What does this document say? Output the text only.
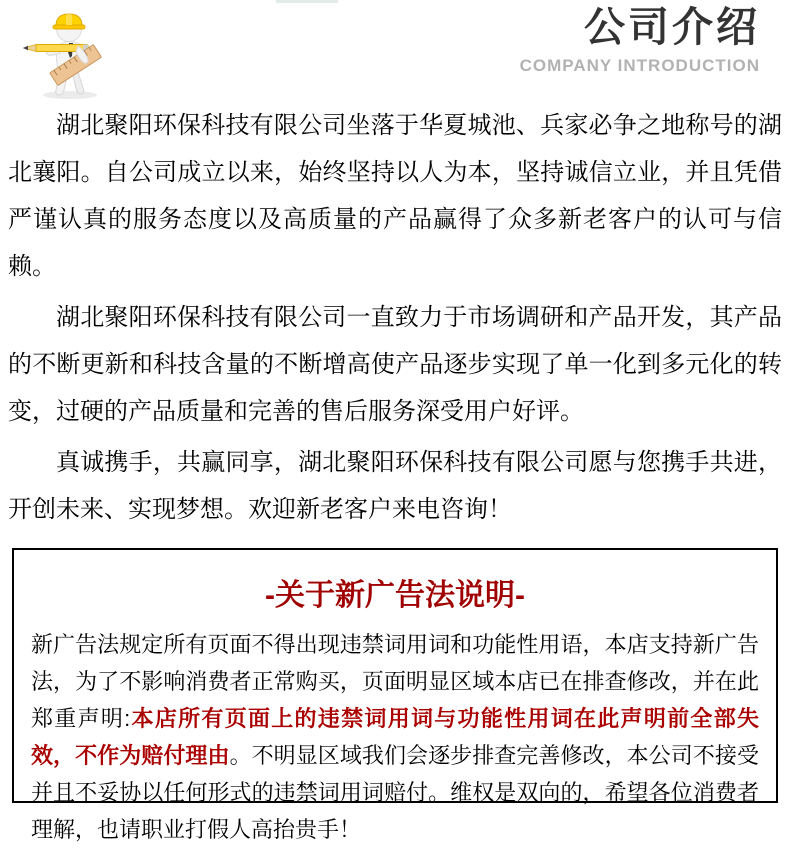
公司介绍
COMPANY INTRODUCTION

湖北聚阳环保科技有限公司坐落于华夏城池、兵家必争之地称号的湖北襄阳。自公司成立以来，始终坚持以人为本，坚持诚信立业，并且凭借严谨认真的服务态度以及高质量的产品赢得了众多新老客户的认可与信赖。

湖北聚阳环保科技有限公司一直致力于市场调研和产品开发，其产品的不断更新和科技含量的不断增高使产品逐步实现了单一化到多元化的转变，过硬的产品质量和完善的售后服务深受用户好评。

真诚携手，共赢同享，湖北聚阳环保科技有限公司愿与您携手共进，开创未来、实现梦想。欢迎新老客户来电咨询！

-关于新广告法说明-
新广告法规定所有页面不得出现违禁词用词和功能性用语，本店支持新广告法，为了不影响消费者正常购买，页面明显区域本店已在排查修改，并在此郑重声明:本店所有页面上的违禁词用词与功能性用词在此声明前全部失效，不作为赔付理由。不明显区域我们会逐步排查完善修改，本公司不接受并且不妥协以任何形式的违禁词用词赔付。维权是双向的，希望各位消费者理解，也请职业打假人高抬贵手！
